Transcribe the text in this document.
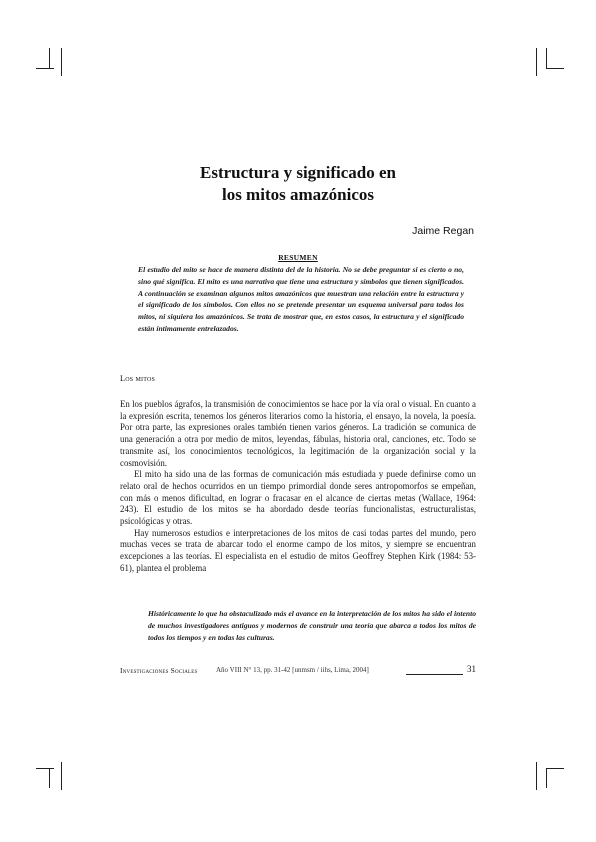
Estructura y significado en
los mitos amazónicos
Jaime Regan
RESUMEN
El estudio del mito se hace de manera distinta del de la historia. No se debe preguntar si es cierto o no, sino qué significa. El mito es una narrativa que tiene una estructura y símbolos que tienen significados. A continuación se examinan algunos mitos amazónicos que muestran una relación entre la estructura y el significado de los símbolos. Con ellos no se pretende presentar un esquema universal para todos los mitos, ni siquiera los amazónicos. Se trata de mostrar que, en estos casos, la estructura y el significado están íntimamente entrelazados.
Los mitos

En los pueblos ágrafos, la transmisión de conocimientos se hace por la vía oral o visual. En cuanto a la expresión escrita, tenemos los géneros literarios como la historia, el ensayo, la novela, la poesía. Por otra parte, las expresiones orales también tienen varios géneros. La tradición se comunica de una generación a otra por medio de mitos, leyendas, fábulas, historia oral, canciones, etc. Todo se transmite así, los conocimientos tecnológicos, la legitimación de la organización social y la cosmovisión.

El mito ha sido una de las formas de comunicación más estudiada y puede definirse como un relato oral de hechos ocurridos en un tiempo primordial donde seres antropomorfos se empeñan, con más o menos dificultad, en lograr o fracasar en el alcance de ciertas metas (Wallace, 1964: 243). El estudio de los mitos se ha abordado desde teorías funcionalistas, estructuralistas, psicológicas y otras.

Hay numerosos estudios e interpretaciones de los mitos de casi todas partes del mundo, pero muchas veces se trata de abarcar todo el enorme campo de los mitos, y siempre se encuentran excepciones a las teorías. El especialista en el estudio de mitos Geoffrey Stephen Kirk (1984: 53-61), plantea el problema

Históricamente lo que ha obstaculizado más el avance en la interpretación de los mitos ha sido el intento de muchos investigadores antiguos y modernos de construir una teoría que abarca a todos los mitos de todos los tiempos y en todas las culturas.
Investigaciones Sociales	Año VIII N° 13, pp. 31-42 [unmsm / iihs, Lima, 2004]	31
